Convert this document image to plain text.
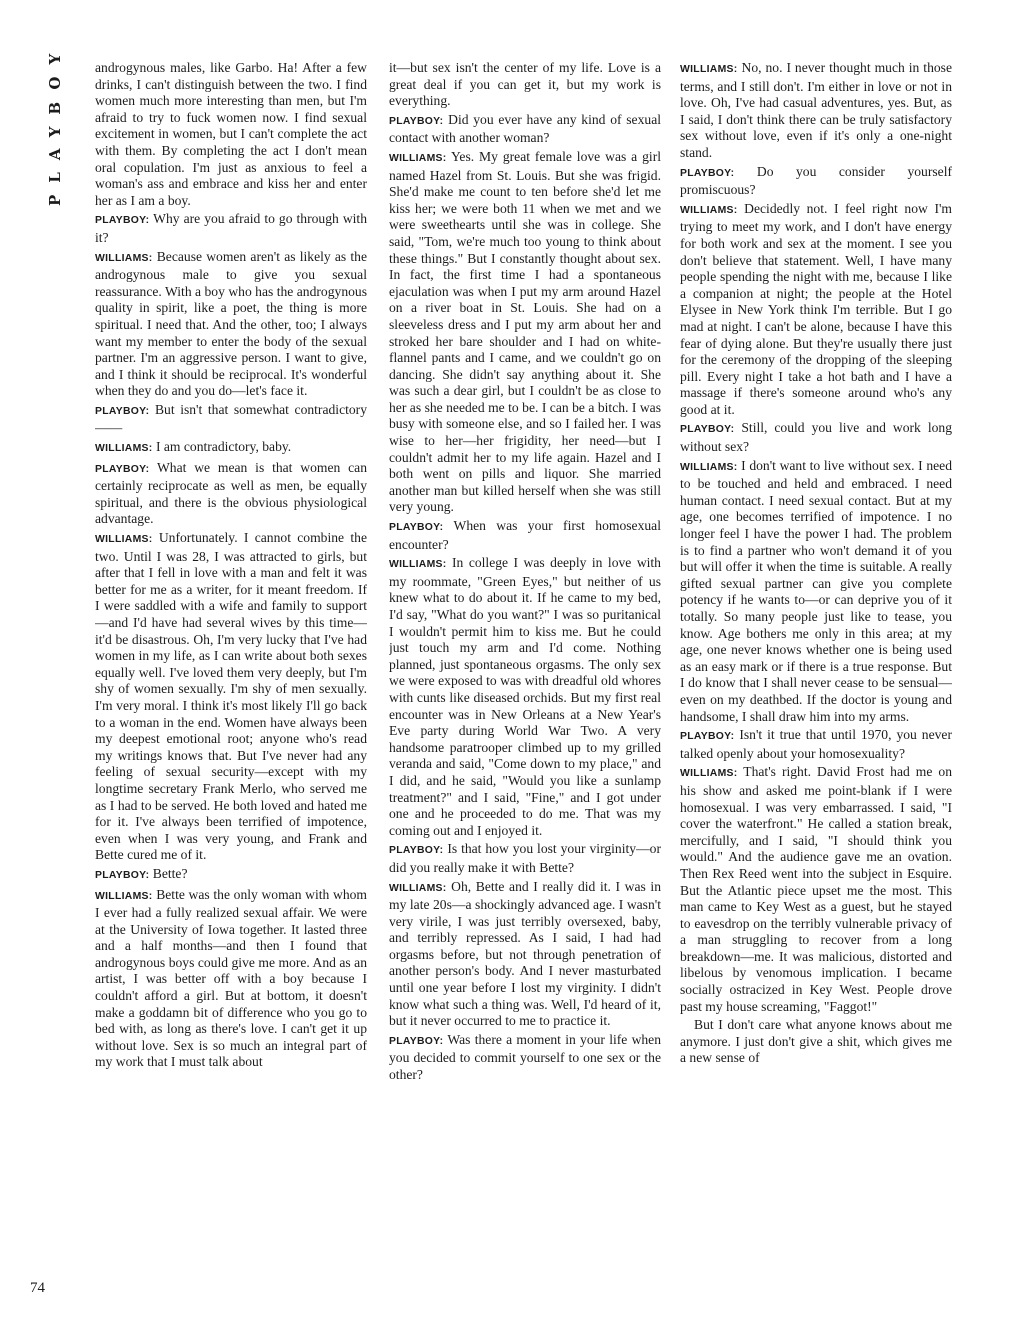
PLAYBOY androgynous males, like Garbo. Ha! After a few drinks, I can't distinguish between the two. I find women much more interesting than men, but I'm afraid to try to fuck women now. I find sexual excitement in women, but I can't complete the act with them. By completing the act I don't mean oral copulation. I'm just as anxious to feel a woman's ass and embrace and kiss her and enter her as I am a boy.

PLAYBOY: Why are you afraid to go through with it?

WILLIAMS: Because women aren't as likely as the androgynous male to give you sexual reassurance. With a boy who has the androgynous quality in spirit, like a poet, the thing is more spiritual. I need that. And the other, too; I always want my member to enter the body of the sexual partner. I'm an aggressive person. I want to give, and I think it should be reciprocal. It's wonderful when they do and you do—let's face it.

PLAYBOY: But isn't that somewhat contradictory——

WILLIAMS: I am contradictory, baby.

PLAYBOY: What we mean is that women can certainly reciprocate as well as men, be equally spiritual, and there is the obvious physiological advantage.

WILLIAMS: Unfortunately. I cannot combine the two. Until I was 28, I was attracted to girls, but after that I fell in love with a man and felt it was better for me as a writer, for it meant freedom. If I were saddled with a wife and family to support—and I'd have had several wives by this time—it'd be disastrous. Oh, I'm very lucky that I've had women in my life, as I can write about both sexes equally well. I've loved them very deeply, but I'm shy of women sexually. I'm shy of men sexually. I'm very moral. I think it's most likely I'll go back to a woman in the end. Women have always been my deepest emotional root; anyone who's read my writings knows that. But I've never had any feeling of sexual security—except with my longtime secretary Frank Merlo, who served me as I had to be served. He both loved and hated me for it. I've always been terrified of impotence, even when I was very young, and Frank and Bette cured me of it.

PLAYBOY: Bette?

WILLIAMS: Bette was the only woman with whom I ever had a fully realized sexual affair. We were at the University of Iowa together. It lasted three and a half months—and then I found that androgynous boys could give me more. And as an artist, I was better off with a boy because I couldn't afford a girl. But at bottom, it doesn't make a goddamn bit of difference who you go to bed with, as long as there's love. I can't get it up without love. Sex is so much an integral part of my work that I must talk about

it—but sex isn't the center of my life. Love is a great deal if you can get it, but my work is everything.

PLAYBOY: Did you ever have any kind of sexual contact with another woman?

WILLIAMS: Yes. My great female love was a girl named Hazel from St. Louis. But she was frigid. She'd make me count to ten before she'd let me kiss her; we were both 11 when we met and we were sweethearts until she was in college. She said, "Tom, we're much too young to think about these things." But I constantly thought about sex. In fact, the first time I had a spontaneous ejaculation was when I put my arm around Hazel on a river boat in St. Louis. She had on a sleeveless dress and I put my arm about her and stroked her bare shoulder and I had on white-flannel pants and I came, and we couldn't go on dancing. She didn't say anything about it. She was such a dear girl, but I couldn't be as close to her as she needed me to be. I can be a bitch. I was busy with someone else, and so I failed her. I was wise to her—her frigidity, her need—but I couldn't admit her to my life again. Hazel and I both went on pills and liquor. She married another man but killed herself when she was still very young.

PLAYBOY: When was your first homosexual encounter?

WILLIAMS: In college I was deeply in love with my roommate, "Green Eyes," but neither of us knew what to do about it. If he came to my bed, I'd say, "What do you want?" I was so puritanical I wouldn't permit him to kiss me. But he could just touch my arm and I'd come. Nothing planned, just spontaneous orgasms. The only sex we were exposed to was with dreadful old whores with cunts like diseased orchids. But my first real encounter was in New Orleans at a New Year's Eve party during World War Two. A very handsome paratrooper climbed up to my grilled veranda and said, "Come down to my place," and I did, and he said, "Would you like a sunlamp treatment?" and I said, "Fine," and I got under one and he proceeded to do me. That was my coming out and I enjoyed it.

PLAYBOY: Is that how you lost your virginity—or did you really make it with Bette?

WILLIAMS: Oh, Bette and I really did it. I was in my late 20s—a shockingly advanced age. I wasn't very virile, I was just terribly oversexed, baby, and terribly repressed. As I said, I had had orgasms before, but not through penetration of another person's body. And I never masturbated until one year before I lost my virginity. I didn't know what such a thing was. Well, I'd heard of it, but it never occurred to me to practice it.

PLAYBOY: Was there a moment in your life when you decided to commit yourself to one sex or the other?

WILLIAMS: No, no. I never thought much in those terms, and I still don't. I'm either in love or not in love. Oh, I've had casual adventures, yes. But, as I said, I don't think there can be truly satisfactory sex without love, even if it's only a one-night stand.

PLAYBOY: Do you consider yourself promiscuous?

WILLIAMS: Decidedly not. I feel right now I'm trying to meet my work, and I don't have energy for both work and sex at the moment. I see you don't believe that statement. Well, I have many people spending the night with me, because I like a companion at night; the people at the Hotel Elysee in New York think I'm terrible. But I go mad at night. I can't be alone, because I have this fear of dying alone. But they're usually there just for the ceremony of the dropping of the sleeping pill. Every night I take a hot bath and I have a massage if there's someone around who's any good at it.

PLAYBOY: Still, could you live and work long without sex?

WILLIAMS: I don't want to live without sex. I need to be touched and held and embraced. I need human contact. I need sexual contact. But at my age, one becomes terrified of impotence. I no longer feel I have the power I had. The problem is to find a partner who won't demand it of you but will offer it when the time is suitable. A really gifted sexual partner can give you complete potency if he wants to—or can deprive you of it totally. So many people just like to tease, you know. Age bothers me only in this area; at my age, one never knows whether one is being used as an easy mark or if there is a true response. But I do know that I shall never cease to be sensual—even on my deathbed. If the doctor is young and handsome, I shall draw him into my arms.

PLAYBOY: Isn't it true that until 1970, you never talked openly about your homosexuality?

WILLIAMS: That's right. David Frost had me on his show and asked me point-blank if I were homosexual. I was very embarrassed. I said, "I cover the waterfront." He called a station break, mercifully, and I said, "I should think you would." And the audience gave me an ovation. Then Rex Reed went into the subject in Esquire. But the Atlantic piece upset me the most. This man came to Key West as a guest, but he stayed to eavesdrop on the terribly vulnerable privacy of a man struggling to recover from a long breakdown—me. It was malicious, distorted and libelous by venomous implication. I became socially ostracized in Key West. People drove past my house screaming, "Faggot!"

But I don't care what anyone knows about me anymore. I just don't give a shit, which gives me a new sense of

74
